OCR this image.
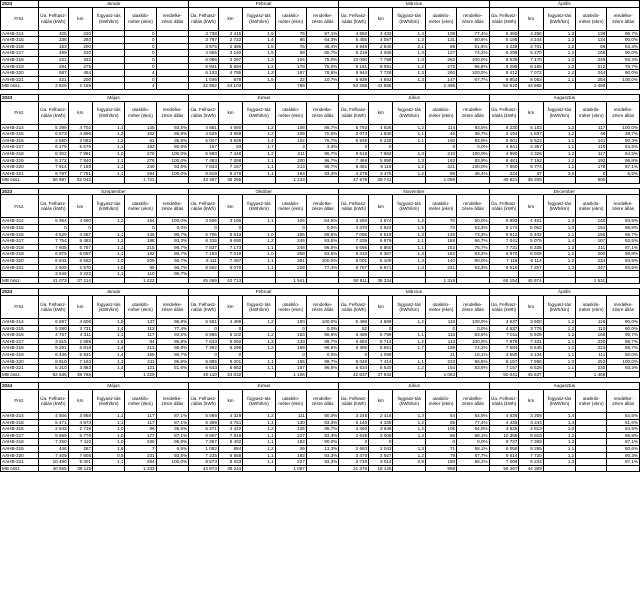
2023	Január					Február					Március					Április				
Frsz.	Üa. Felhasz-nálás (kWh)	km	fogyasz-tás (kWh/km)	utaskilo-méter (ekm)	rendelke-zésre állás	Üa. Felhasz-nálás (kWh)	km	fogyasz-tás (kWh/km)	utaskilo-méter (ekm)	rendelke-zésre állás	Üa. Felhasz-nálás (kWh)	km	fogyasz-tás (kWh/km)	utaskilo-méter (ekm)	rendelke-zésre állás	Üa. Felhasz-nálás (kWh)	km	fogyasz-tás (kWh/km)	utaskilo-méter (ekm)	rendelke-zésre állás
AAHB-314	325	220		0		3 738	2 415	1,5	75	57,1%	4 682	3 433	1,4	108	77,4%	5 450	4 356	1,3	139	96,7%
AAHB-315	338	293		0		3 797	2 722	1,4	86	64,3%	5 455	4 087	1,3	131	80,6%	5 185	4 244	1,2	134	90,0%
AAHB-316	153	200		0		3 575	2 386	1,5	76	46,4%	5 948	2 840	2,1	89	51,6%	3 228	2 701	1,2	86	63,3%
AAHB-317	499	220		0		4 665	3 140	1,5	98	60,7%	5 219	4 065	1,3	127	74,2%	5 298	5 270	1,2	168	90,0%
AAHB-318	222	342		0		6 086	3 297	1,2	104	75,0%	10 090	7 798	1,3	262	100,0%	8 538	7 170	1,2	249	93,3%
AAHB-319	284	275		0		6 941	5 694	1,2	178	75,0%	9 191	8 091	1,2	272	96,8%	8 288	6 155	1,2	212	76,7%
AAHB-320	587	454		4		6 133	4 755	1,3	157	78,6%	9 944	7 728	1,3	260	100,0%	8 412	7 072	1,2	244	90,0%
AAHB-321	421	200		0		1 046	678	1,5	22	10,7%	5 939	4 692	1,3	147	67,7%	8 853	8 053	1,1	254	100,0%
MB össz.	2 829	2 189		4		32 952	24 103		786		53 266	42 586		1 396		52 820	44 965		1 488	
2023	Május					Június					Július					Augusztus				
Frsz.	Üa. Felhasz-nálás (kWh)	km	fogyasz-tás (kWh/km)	utaskilo-méter (ekm)	rendelke-zésre állás	Üa. Felhasz-nálás (kWh)	km	fogyasz-tás (kWh/km)	utaskilo-méter (ekm)	rendelke-zésre állás	Üa. Felhasz-nálás (kWh)	km	fogyasz-tás (kWh/km)	utaskilo-méter (ekm)	rendelke-zésre állás	Üa. Felhasz-nálás (kWh)	km	fogyasz-tás (kWh/km)	utaskilo-méter (ekm)	rendelke-zésre állás
AAHB-314	5 299	4 702	1,1	145	93,5%	4 881	4 060	1,2	108	86,7%	5 793	4 826	1,2	114	93,5%	6 230	5 152	1,2	117	100,0%
AAHB-315	5 673	4 896	1,2	152	96,8%	4 625	3 968	1,2	105	70,0%	2 074	1 840	1,1	46	38,7%	2 194	1 837	1,2	46	38,7%
AAHB-316	2 560	2 062	1,2	61	35,5%	5 007	3 636	1,4	102	76,7%	5 836	5 228	1,1	160	83,9%	6 001	5 524	1,1	141	90,3%
AAHB-317	6 179	5 576	1,1	183	80,6%	157	93	1,7	3	3,3%	0	0		0	0,0%	4 941	4 357	1,1	110	64,5%
AAHB-318	8 302	7 981	1,0	276	100,0%	6 690	7 448	1,2	211	96,7%	9 618	7 663	1,3	210	100,0%	4 990	4 326	1,2	117	64,5%
AAHB-319	8 272	7 840	1,1	276	100,0%	7 493	7 068	1,1	200	96,7%	7 469	5 890	1,3	163	83,9%	8 481	7 192	1,2	192	96,8%
AAHB-320	7 914	7 189	1,1	249	93,5%	7 633	7 167	1,1	213	96,7%	9 491	8 118	1,2	221	100,0%	7 560	6 774	1,1	178	87,1%
AAHB-321	8 787	7 751	1,1	294	100,0%	8 819	8 278	1,1	194	83,3%	4 278	3 475	1,2	95	48,4%	224	47	3,5	0	6,5%
MB össz.	56 987	52 042		1 722		43 367	38 265		1 133		47 579	39 741		1 059		40 621	35 208		900	
2023	Szeptember					Október					November					December				
Frsz.	Üa. Felhasz-nálás (kWh)	km	fogyasz-tás (kWh/km)	utaskilo-méter (ekm)	rendelke-zésre állás	Üa. Felhasz-nálás (kWh)	km	fogyasz-tás (kWh/km)	utaskilo-méter (ekm)	rendelke-zésre állás	Üa. Felhasz-nálás (kWh)	km	fogyasz-tás (kWh/km)	utaskilo-méter (ekm)	rendelke-zésre állás	Üa. Felhasz-nálás (kWh)	km	fogyasz-tás (kWh/km)	utaskilo-méter (ekm)	rendelke-zésre állás
AAHB-314	5 364	4 660	1,2	154	100,0%	3 506	3 156	1,1	106	64,5%	3 293	2 674	1,2	70	50,0%	5 993	4 451	1,3	140	93,5%
AAHB-315	0	0		0	0,0%	0	0		0	0,0%	4 370	2 922	1,5	73	53,3%	5 174	5 052	1,0	154	96,8%
AAHB-316	4 529	4 287	1,1	146	96,7%	5 706	5 513	1,0	195	96,8%	7 096	5 519	1,3	145	73,3%	5 912	5 402	1,1	156	96,7%
AAHB-317	7 754	5 483	1,2	188	93,3%	8 315	6 690	1,2	245	93,5%	7 339	6 979	1,1	188	96,7%	7 041	5 079	1,4	167	93,5%
AAHB-318	7 605	6 767	1,1	215	96,7%	7 837	7 173	1,1	248	96,8%	6 666	5 860	1,1	153	76,7%	7 731	6 338	1,2	211	87,1%
AAHB-319	6 975	6 067	1,1	192	86,7%	7 193	7 018	1,0	258	93,5%	8 310	6 387	1,3	162	83,3%	6 970	6 028	1,2	200	96,8%
AAHB-320	6 841	6 563	1,0	209	96,7%	8 111	7 467	1,1	261	100,0%	8 001	6 109	1,3	140	80,0%	7 116	6 114	1,2	234	93,5%
AAHB-321	2 605	2 570	1,0	86	96,7%	6 502	6 070	1,1	228	77,4%	8 787	6 871	1,3	231	93,3%	9 515	7 257	1,3	247	93,5%
	3 646	3 223	1,1	110	96,7%															
MB össz.	41 073	37 114		1 222		45 369	42 713		1 541		50 911	39 234		1 318		60 154	45 974		1 531	
2024	Január					Február					Március					Április				
Frsz.	Üa. Felhasz-nálás (kWh)	km	fogyasz-tás (kWh/km)	utaskilo-méter (ekm)	rendelke-zésre állás	Üa. Felhasz-nálás (kWh)	km	fogyasz-tás (kWh/km)	utaskilo-méter (ekm)	rendelke-zésre állás	Üa. Felhasz-nálás (kWh)	km	fogyasz-tás (kWh/km)	utaskilo-méter (ekm)	rendelke-zésre állás	Üa. Felhasz-nálás (kWh)	km	fogyasz-tás (kWh/km)	utaskilo-méter (ekm)	rendelke-zésre állás
AAHB-314	6 697	4 608	1,5	137	96,8%	5 581	4 489	1,2	100	100,0%	5 496	4 689	1,2	110	100,0%	4 637	3 900	1,2	116	90,0%
AAHB-315	5 280	3 731	1,4	113	77,4%	0	0		0	0,0%	82	0		0	0,0%	4 537	3 776	1,2	110	90,0%
AAHB-316	4 767	4 311	1,1	117	93,5%	5 956	5 102	1,2	163	96,6%	6 489	5 799	1,1	116	93,5%	7 011	5 928	1,2	166	96,7%
AAHB-317	3 915	2 688	1,5	84	96,8%	7 643	6 092	1,3	133	89,7%	6 693	5 714	1,2	113	100,0%	7 876	7 331	1,1	230	96,7%
AAHB-318	9 291	6 818	1,4	213	96,8%	7 392	6 296	1,2	169	96,6%	9 395	5 651	1,7	199	74,2%	7 584	6 646	1,1	223	96,7%
AAHB-319	8 436	5 931	1,4	169	96,7%	0	0		0	0,0%	0	1 099		21	16,1%	4 580	4 134	1,1	111	50,0%
AAHB-320	8 910	7 163	1,3	211	96,8%	6 895	6 201	1,1	155	89,7%	8 048	7 414	1,1	223	96,8%	8 157	7 996	1,0	252	100,0%
AAHB-321	5 310	3 883	1,4	121	51,6%	6 643	5 852	1,1	187	96,6%	6 634	5 520	1,2	154	83,9%	7 157	6 526	1,1	230	93,3%
MB össz.	52 636	38 788		1 229		40 110	34 032		1 106		42 837	37 932		1 063		50 041	45 537		1 468	
2024	Május					Június					Július					Augusztus				
Frsz.	Üa. Felhasz-nálás (kWh)	km	fogyasz-tás (kWh/km)	utaskilo-méter (ekm)	rendelke-zésre állás	Üa. Felhasz-nálás (kWh)	km	fogyasz-tás (kWh/km)	utaskilo-méter (ekm)	rendelke-zésre állás	Üa. Felhasz-nálás (kWh)	km	fogyasz-tás (kWh/km)	utaskilo-méter (ekm)	rendelke-zésre állás	Üa. Felhasz-nálás (kWh)	km	fogyasz-tás (kWh/km)	utaskilo-méter (ekm)	rendelke-zésre állás
AAHB-314	4 506	3 958	1,1	117	87,1%	5 069	4 329	1,2	111	90,0%	3 248	2 416	1,3	54	54,8%	4 636	3 268	1,4		64,5%
AAHB-315	5 471	4 973	1,1	117	87,1%	5 369	4 751	1,1	130	83,3%	5 140	4 335	1,2	85	77,4%	4 435	3 244	1,4		51,6%
AAHB-316	2 843	2 718	1,0	96	35,5%	5 371	4 422	1,2	125	86,7%	4 460	3 648	1,2	105	64,5%	4 636	4 813	1,0		64,5%
AAHB-317	5 969	5 776	1,0	177	87,1%	8 807	7 916	1,1	227	93,3%	2 638	2 008	1,3	66	58,1%	10 385	8 816	1,2		96,8%
AAHB-318	7 250	7 110	1,0	236	96,8%	7 367	6 492	1,1	182	90,0%	0	0		0	0,0%	9 737	7 368	1,3		87,1%
AAHB-319	446	287	1,6	7	6,5%	1 082	884	1,2	26	13,3%	2 693	2 043	1,3	71	58,1%	6 058	5 295	1,1		80,6%
AAHB-320	7 409	7 805	0,9	231	93,5%	7 235	6 568	1,1	192	93,3%	3 470	2 927	1,2	79	67,7%	9 514	7 720	1,2		90,3%
AAHB-321	10 480	9 401	1,1	294	100,0%	8 573	8 033	1,1	227	93,3%	2 720	3 014	0,9	150	58,1%	7 008	5 234	1,3		87,1%
MB össz.	40 555	39 115		1 233		44 873	38 244		1 087		21 378	18 126		958		56 267	44 389			
